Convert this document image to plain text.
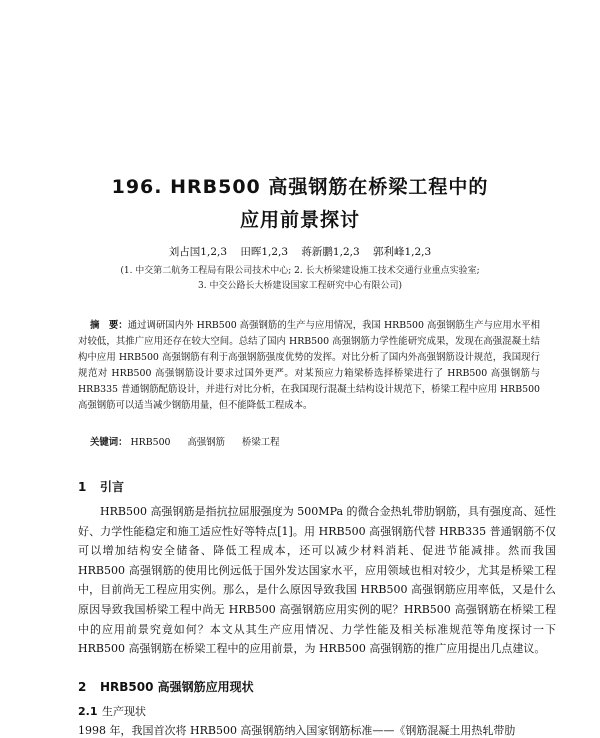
196. HRB500 高强钢筋在桥梁工程中的
应用前景探讨
刘占国1,2,3 田晖1,2,3 蒋新鹏1,2,3 郭利峰1,2,3
(1. 中交第二航务工程局有限公司技术中心; 2. 长大桥梁建设施工技术交通行业重点实验室;
3. 中交公路长大桥建设国家工程研究中心有限公司)
摘　要：通过调研国内外 HRB500 高强钢筋的生产与应用情况，我国 HRB500 高强钢筋生产与应用水平相对较低，其推广应用还存在较大空间。总结了国内 HRB500 高强钢筋力学性能研究成果，发现在高强混凝土结构中应用 HRB500 高强钢筋有利于高强钢筋强度优势的发挥。对比分析了国内外高强钢筋设计规范，我国现行规范对 HRB500 高强钢筋设计要求过国外更严。对某预应力箱梁桥选择桥梁进行了 HRB500 高强钢筋与 HRB335 普通钢筋配筋设计，并进行对比分析，在我国现行混凝土结构设计规范下，桥梁工程中应用 HRB500 高强钢筋可以适当减少钢筋用量，但不能降低工程成本。
关键词： HRB500 高强钢筋 桥梁工程
1 引言
HRB500 高强钢筋是指抗拉屈服强度为 500MPa 的微合金热轧带肋钢筋，具有强度高、延性好、力学性能稳定和施工适应性好等特点[1]。用 HRB500 高强钢筋代替 HRB335 普通钢筋不仅可以增加结构安全储备、降低工程成本，还可以减少材料消耗、促进节能减排。然而我国 HRB500 高强钢筋的使用比例远低于国外发达国家水平，应用领域也相对较少，尤其是桥梁工程中，目前尚无工程应用实例。那么，是什么原因导致我国 HRB500 高强钢筋应用率低，又是什么原因导致我国桥梁工程中尚无 HRB500 高强钢筋应用实例的呢？HRB500 高强钢筋在桥梁工程中的应用前景究竟如何？本文从其生产应用情况、力学性能及相关标准规范等角度探讨一下 HRB500 高强钢筋在桥梁工程中的应用前景，为 HRB500 高强钢筋的推广应用提出几点建议。
2 HRB500 高强钢筋应用现状
2.1 生产现状
1998 年，我国首次将 HRB500 高强钢筋纳入国家钢筋标准——《钢筋混凝土用热轧带肋
